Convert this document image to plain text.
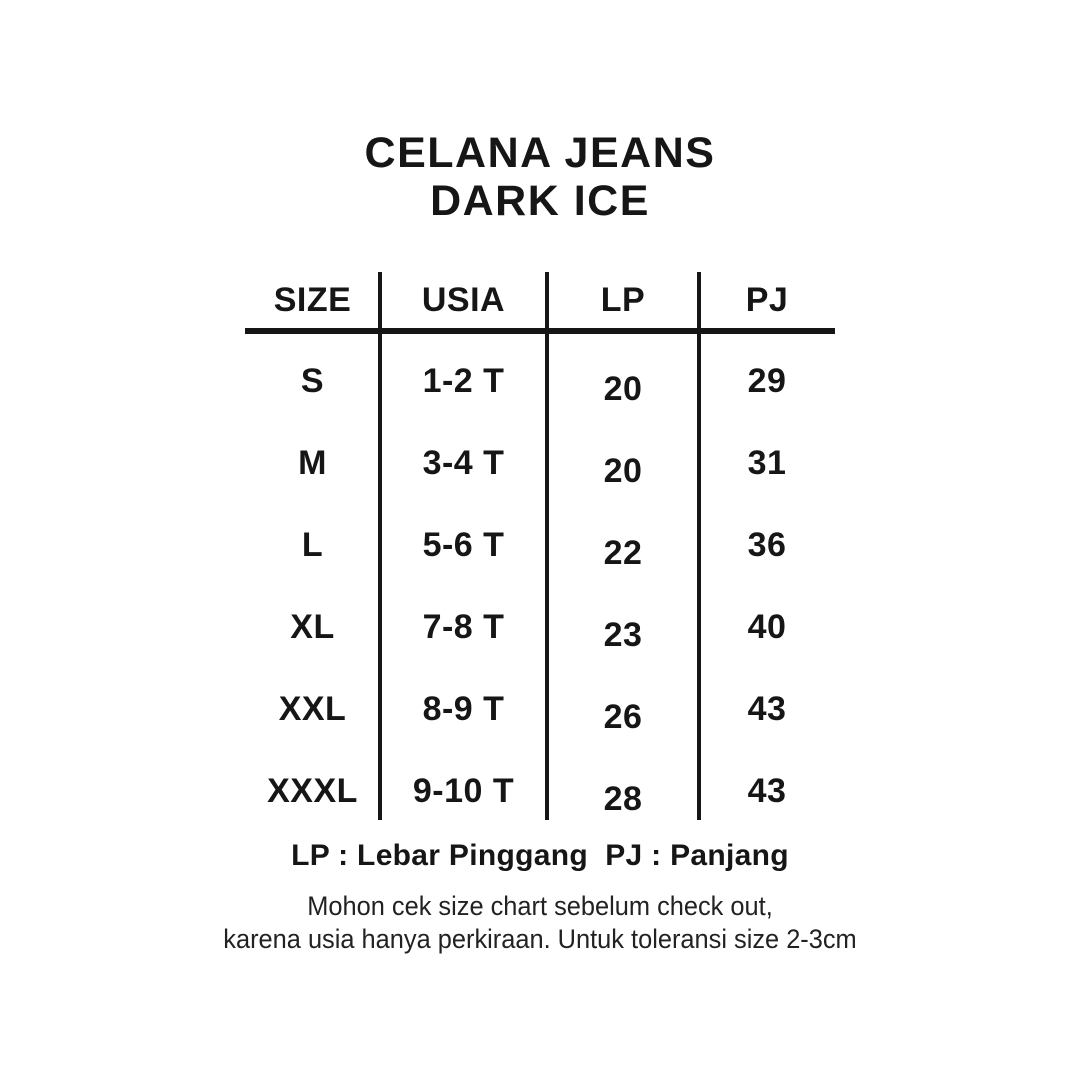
CELANA JEANS
DARK ICE
SIZE	USIA	LP	PJ
S	1-2 T	20	29
M	3-4 T	20	31
L	5-6 T	22	36
XL	7-8 T	23	40
XXL	8-9 T	26	43
XXXL	9-10 T	28	43
LP : Lebar Pinggang  PJ : Panjang
Mohon cek size chart sebelum check out,
karena usia hanya perkiraan. Untuk toleransi size 2-3cm
